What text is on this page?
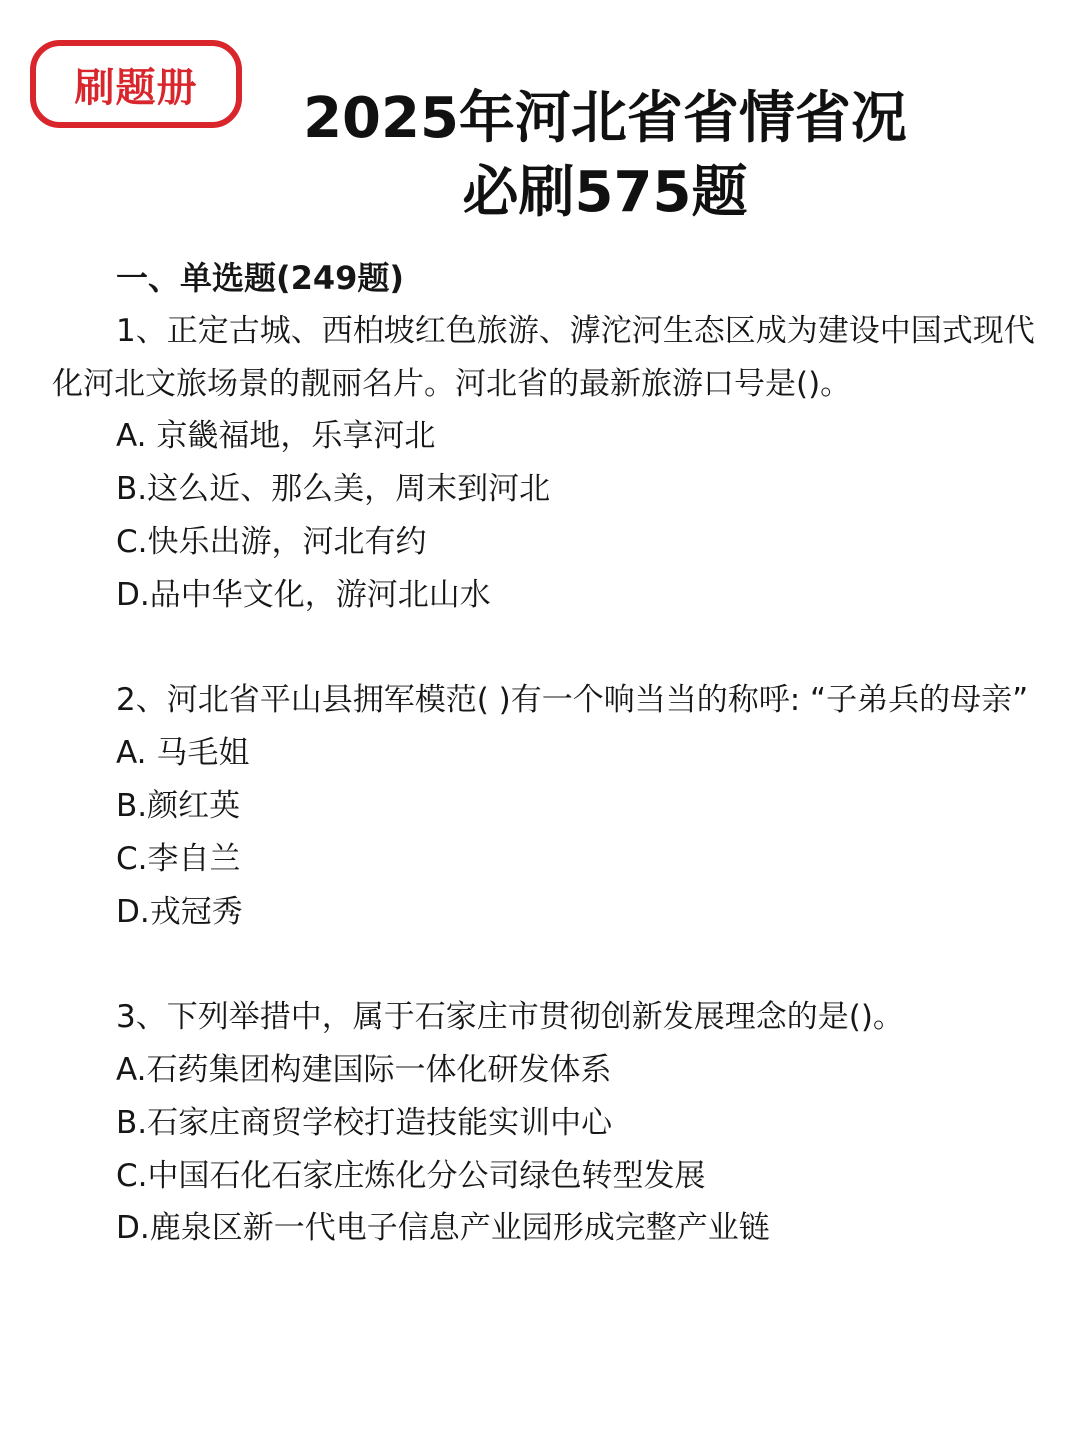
刷题册	2025年河北省省情省况
必刷575题
一、单选题(249题)

1、正定古城、西柏坡红色旅游、滹沱河生态区成为建设中国式现代化河北文旅场景的靓丽名片。河北省的最新旅游口号是()。

A. 京畿福地，乐享河北
B.这么近、那么美，周末到河北
C.快乐出游，河北有约
D.品中华文化，游河北山水

2、河北省平山县拥军模范( )有一个响当当的称呼: “子弟兵的母亲”

A. 马毛姐
B.颜红英
C.李自兰
D.戎冠秀

3、下列举措中，属于石家庄市贯彻创新发展理念的是()。

A.石药集团构建国际一体化研发体系
B.石家庄商贸学校打造技能实训中心
C.中国石化石家庄炼化分公司绿色转型发展
D.鹿泉区新一代电子信息产业园形成完整产业链
